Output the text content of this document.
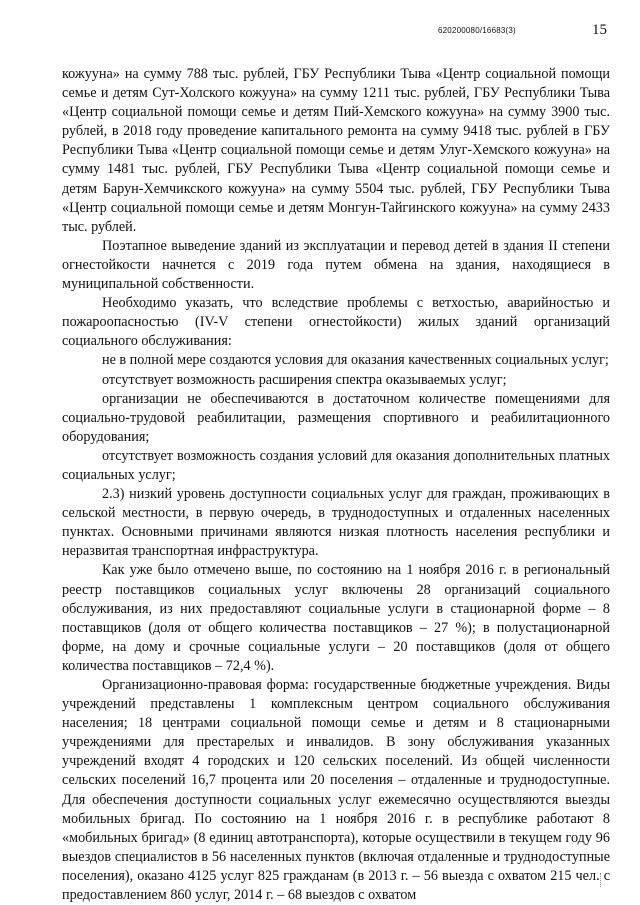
620200080/16683(3)	15

кожууна» на сумму 788 тыс. рублей, ГБУ Республики Тыва «Центр социальной помощи семье и детям Сут-Холского кожууна» на сумму 1211 тыс. рублей, ГБУ Республики Тыва «Центр социальной помощи семье и детям Пий-Хемского кожууна» на сумму 3900 тыс. рублей, в 2018 году проведение капитального ремонта на сумму 9418 тыс. рублей в ГБУ Республики Тыва «Центр социальной помощи семье и детям Улуг-Хемского кожууна» на сумму 1481 тыс. рублей, ГБУ Республики Тыва «Центр социальной помощи семье и детям Барун-Хемчикского кожууна» на сумму 5504 тыс. рублей, ГБУ Республики Тыва «Центр социальной помощи семье и детям Монгун-Тайгинского кожууна» на сумму 2433 тыс. рублей.

Поэтапное выведение зданий из эксплуатации и перевод детей в здания II степени огнестойкости начнется с 2019 года путем обмена на здания, находящиеся в муниципальной собственности.

Необходимо указать, что вследствие проблемы с ветхостью, аварийностью и пожароопасностью (IV-V степени огнестойкости) жилых зданий организаций социального обслуживания:

не в полной мере создаются условия для оказания качественных социальных услуг;

отсутствует возможность расширения спектра оказываемых услуг;

организации не обеспечиваются в достаточном количестве помещениями для социально-трудовой реабилитации, размещения спортивного и реабилитационного оборудования;

отсутствует возможность создания условий для оказания дополнительных платных социальных услуг;

2.3) низкий уровень доступности социальных услуг для граждан, проживающих в сельской местности, в первую очередь, в труднодоступных и отдаленных населенных пунктах. Основными причинами являются низкая плотность населения республики и неразвитая транспортная инфраструктура.

Как уже было отмечено выше, по состоянию на 1 ноября 2016 г. в региональный реестр поставщиков социальных услуг включены 28 организаций социального обслуживания, из них предоставляют социальные услуги в стационарной форме – 8 поставщиков (доля от общего количества поставщиков – 27 %); в полустационарной форме, на дому и срочные социальные услуги – 20 поставщиков (доля от общего количества поставщиков – 72,4 %).

Организационно-правовая форма: государственные бюджетные учреждения. Виды учреждений представлены 1 комплексным центром социального обслуживания населения; 18 центрами социальной помощи семье и детям и 8 стационарными учреждениями для престарелых и инвалидов. В зону обслуживания указанных учреждений входят 4 городских и 120 сельских поселений. Из общей численности сельских поселений 16,7 процента или 20 поселения – отдаленные и труднодоступные. Для обеспечения доступности социальных услуг ежемесячно осуществляются выезды мобильных бригад. По состоянию на 1 ноября 2016 г. в республике работают 8 «мобильных бригад» (8 единиц автотранспорта), которые осуществили в текущем году 96 выездов специалистов в 56 населенных пунктов (включая отдаленные и труднодоступные поселения), оказано 4125 услуг 825 гражданам (в 2013 г. – 56 выезда с охватом 215 чел. с предоставлением 860 услуг, 2014 г. – 68 выездов с охватом
